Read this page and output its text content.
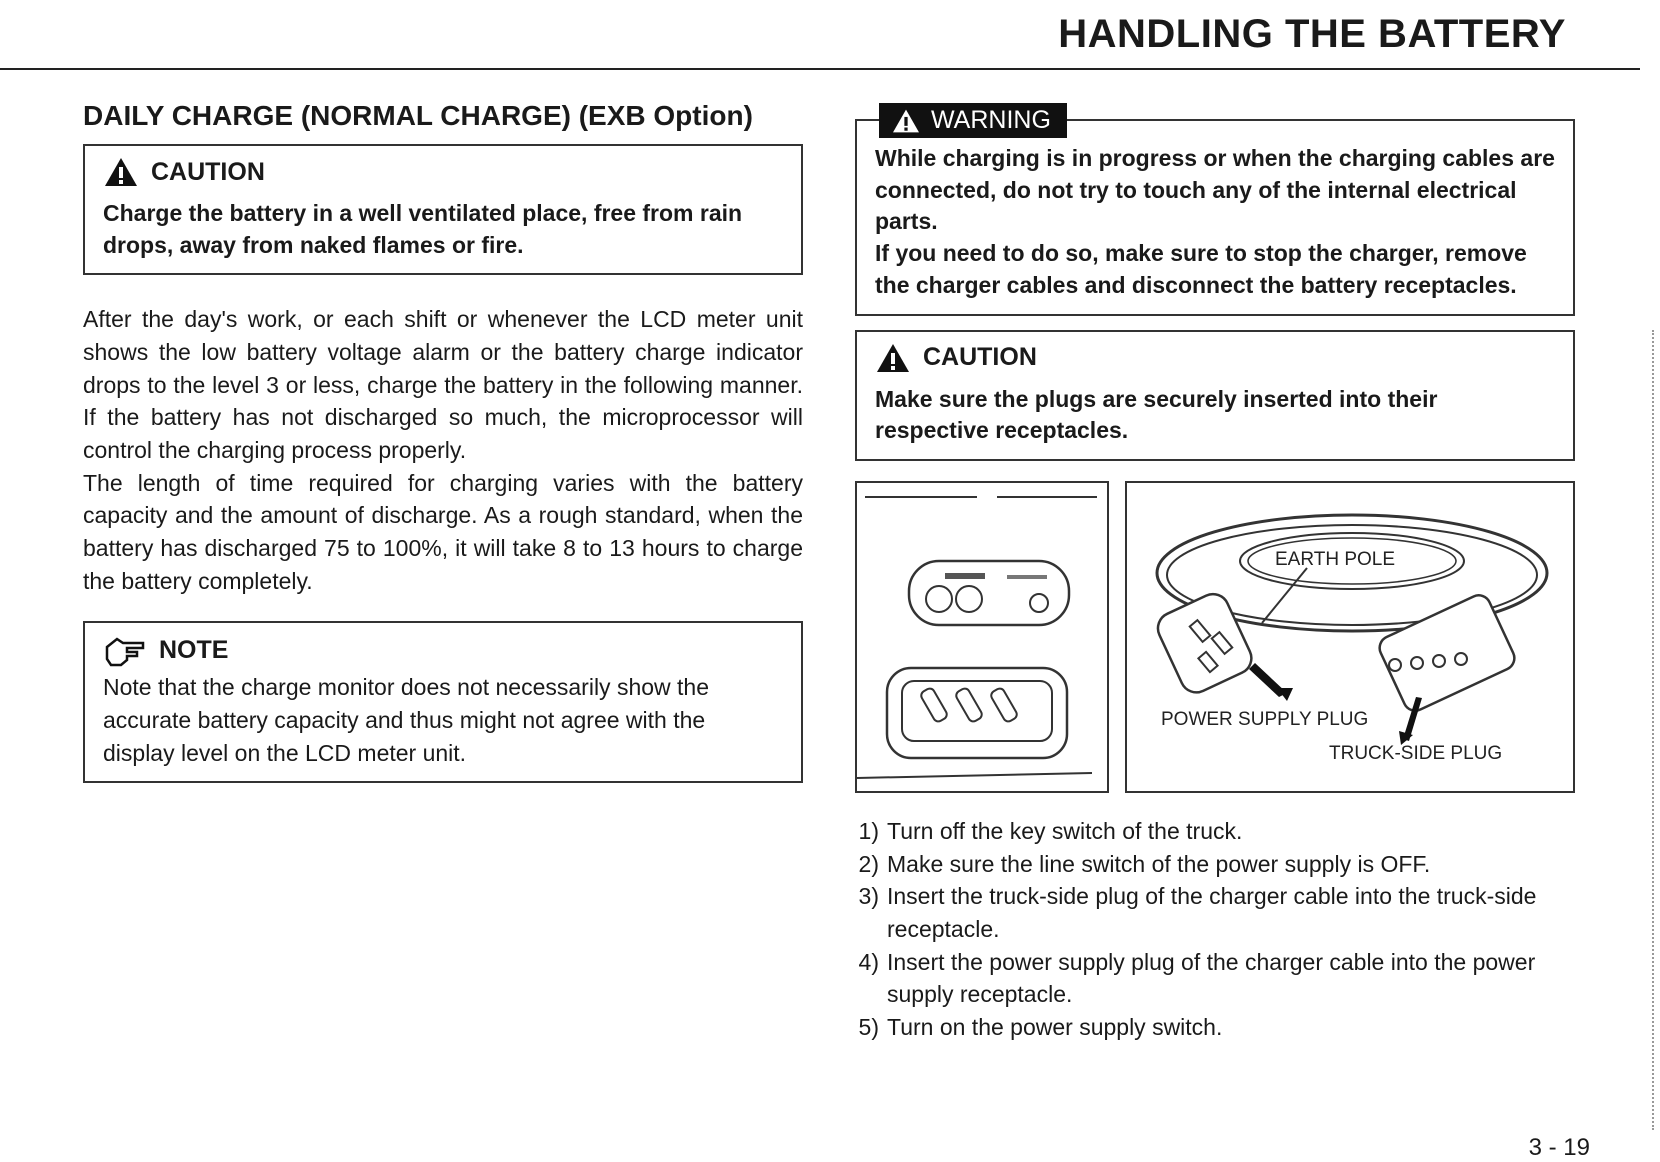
HANDLING THE BATTERY
DAILY CHARGE (NORMAL CHARGE) (EXB Option)
CAUTION
Charge the battery in a well ventilated place, free from rain drops, away from naked flames or fire.

After the day's work, or each shift or whenever the LCD meter unit shows the low battery voltage alarm or the battery charge indicator drops to the level 3 or less, charge the battery in the following manner. If the battery has not discharged so much, the microprocessor will control the charging process properly.

The length of time required for charging varies with the battery capacity and the amount of discharge. As a rough standard, when the battery has discharged 75 to 100%, it will take 8 to 13 hours to charge the battery completely.

NOTE
Note that the charge monitor does not necessarily show the accurate battery capacity and thus might not agree with the display level on the LCD meter unit.
WARNING
While charging is in progress or when the charging cables are connected, do not try to touch any of the internal electrical parts.
If you need to do so, make sure to stop the charger, remove the charger cables and disconnect the battery receptacles.
CAUTION
Make sure the plugs are securely inserted into their respective receptacles.
EARTH POLE
POWER SUPPLY PLUG
TRUCK-SIDE PLUG
1) Turn off the key switch of the truck.
2) Make sure the line switch of the power supply is OFF.
3) Insert the truck-side plug of the charger cable into the truck-side receptacle.
4) Insert the power supply plug of the charger cable into the power supply receptacle.
5) Turn on the power supply switch.
3 - 19
